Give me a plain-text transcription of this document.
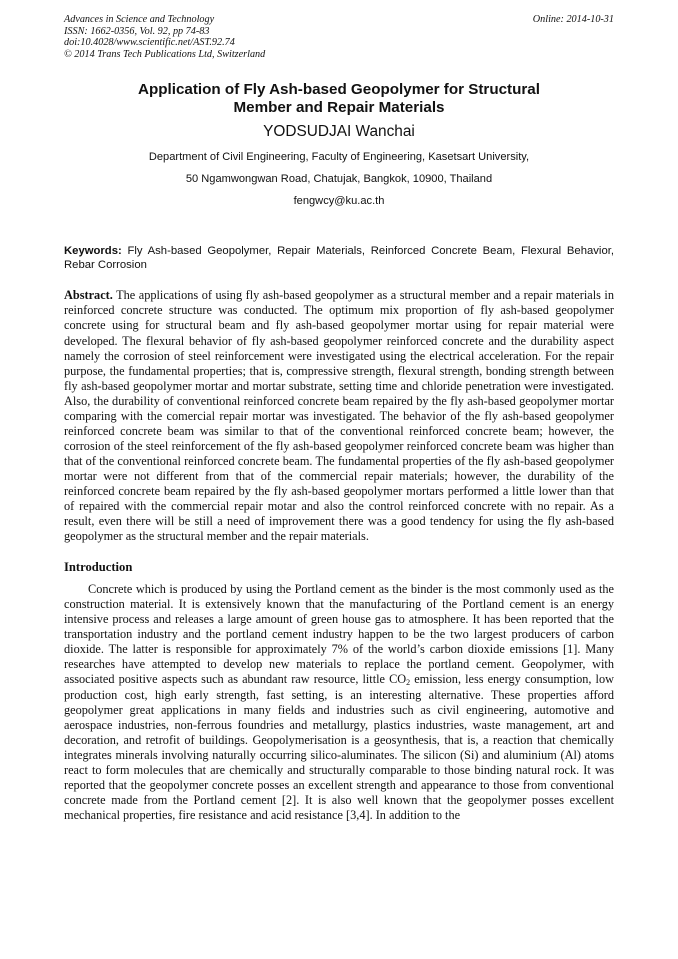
Advances in Science and Technology
ISSN: 1662-0356, Vol. 92, pp 74-83
doi:10.4028/www.scientific.net/AST.92.74
© 2014 Trans Tech Publications Ltd, Switzerland
Online: 2014-10-31
Application of Fly Ash-based Geopolymer for Structural
Member and Repair Materials
YODSUDJAI Wanchai
Department of Civil Engineering, Faculty of Engineering, Kasetsart University,
50 Ngamwongwan Road, Chatujak, Bangkok, 10900, Thailand
fengwcy@ku.ac.th
Keywords: Fly Ash-based Geopolymer, Repair Materials, Reinforced Concrete Beam, Flexural Behavior, Rebar Corrosion
Abstract. The applications of using fly ash-based geopolymer as a structural member and a repair materials in reinforced concrete structure was conducted. The optimum mix proportion of fly ash-based geopolymer concrete using for structural beam and fly ash-based geopolymer mortar using for repair material were developed. The flexural behavior of fly ash-based geopolymer reinforced concrete and the durability aspect namely the corrosion of steel reinforcement were investigated using the electrical acceleration. For the repair purpose, the fundamental properties; that is, compressive strength, flexural strength, bonding strength between fly ash-based geopolymer mortar and mortar substrate, setting time and chloride penetration were investigated. Also, the durability of conventional reinforced concrete beam repaired by the fly ash-based geopolymer mortar comparing with the comercial repair mortar was investigated. The behavior of the fly ash-based geopolymer reinforced concrete beam was similar to that of the conventional reinforced concrete beam; however, the corrosion of the steel reinforcement of the fly ash-based geopolymer reinforced concrete beam was higher than that of the conventional reinforced concrete beam. The fundamental properties of the fly ash-based geopolymer mortar were not different from that of the commercial repair materials; however, the durability of the reinforced concrete beam repaired by the fly ash-based geopolymer mortars performed a little lower than that of repaired with the commercial repair motar and also the control reinforced concrete with no repair. As a result, even there will be still a need of improvement there was a good tendency for using the fly ash-based geopolymer as the structural member and the repair materials.
Introduction
Concrete which is produced by using the Portland cement as the binder is the most commonly used as the construction material. It is extensively known that the manufacturing of the Portland cement is an energy intensive process and releases a large amount of green house gas to atmosphere. It has been reported that the transportation industry and the portland cement industry happen to be the two largest producers of carbon dioxide. The latter is responsible for approximately 7% of the world’s carbon dioxide emissions [1]. Many researches have attempted to develop new materials to replace the portland cement. Geopolymer, with associated positive aspects such as abundant raw resource, little $CO_2$ emission, less energy consumption, low production cost, high early strength, fast setting, is an interesting alternative. These properties afford geopolymer great applications in many fields and industries such as civil engineering, automotive and aerospace industries, non-ferrous foundries and metallurgy, plastics industries, waste management, art and decoration, and retrofit of buildings. Geopolymerisation is a geosynthesis, that is, a reaction that chemically integrates minerals involving naturally occurring silico-aluminates. The silicon (Si) and aluminium (Al) atoms react to form molecules that are chemically and structurally comparable to those binding natural rock. It was reported that the geopolymer concrete posses an excellent strength and appearance to those from conventional concrete made from the Portland cement [2]. It is also well known that the geopolymer posses excellent mechanical properties, fire resistance and acid resistance [3,4]. In addition to the
